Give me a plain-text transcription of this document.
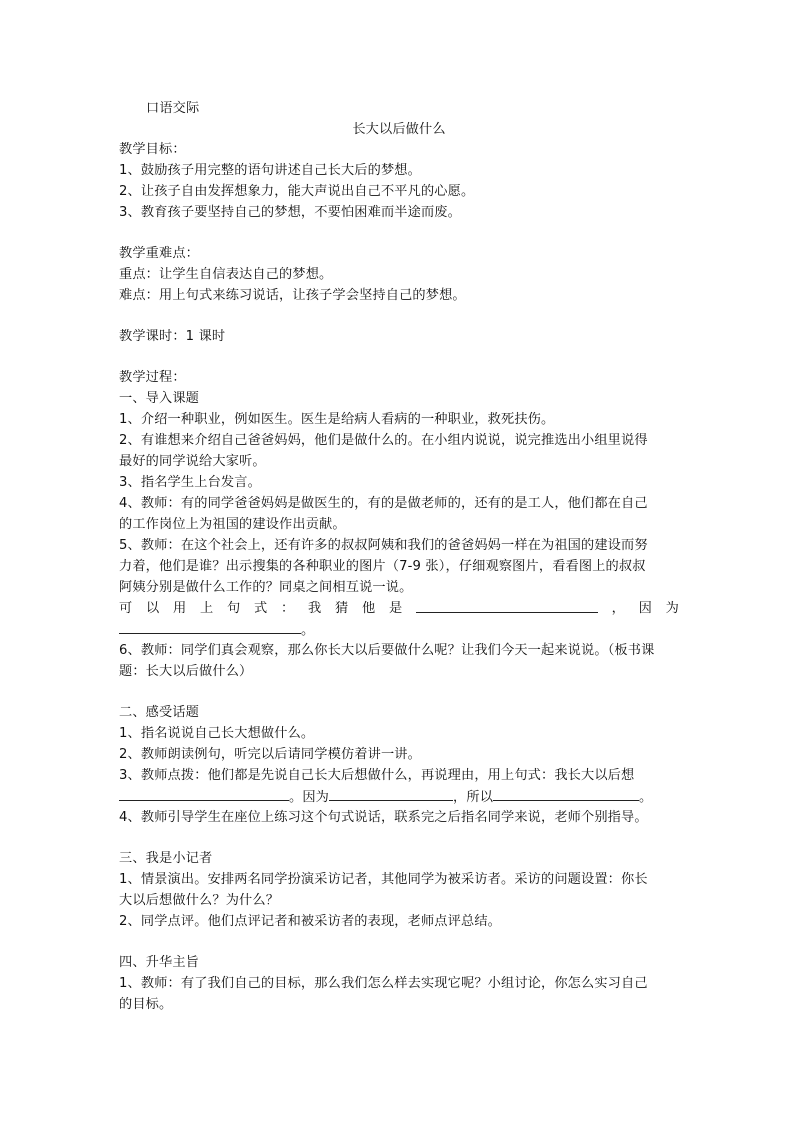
口语交际
长大以后做什么
教学目标：
1、鼓励孩子用完整的语句讲述自己长大后的梦想。
2、让孩子自由发挥想象力，能大声说出自己不平凡的心愿。
3、教育孩子要坚持自己的梦想，不要怕困难而半途而废。
教学重难点：
重点：让学生自信表达自己的梦想。
难点：用上句式来练习说话，让孩子学会坚持自己的梦想。
教学课时：1 课时
教学过程：
一、导入课题
1、介绍一种职业，例如医生。医生是给病人看病的一种职业，救死扶伤。
2、有谁想来介绍自己爸爸妈妈，他们是做什么的。在小组内说说，说完推选出小组里说得
最好的同学说给大家听。
3、指名学生上台发言。
4、教师：有的同学爸爸妈妈是做医生的，有的是做老师的，还有的是工人，他们都在自己
的工作岗位上为祖国的建设作出贡献。
5、教师：在这个社会上，还有许多的叔叔阿姨和我们的爸爸妈妈一样在为祖国的建设而努
力着，他们是谁？出示搜集的各种职业的图片（7-9 张），仔细观察图片，看看图上的叔叔
阿姨分别是做什么工作的？同桌之间相互说一说。
可 以 用 上 句 式 ： 我 猜 他 是	， 因 为
。
6、教师：同学们真会观察，那么你长大以后要做什么呢？让我们今天一起来说说。（板书课
题：长大以后做什么）
二、感受话题
1、指名说说自己长大想做什么。
2、教师朗读例句，听完以后请同学模仿着讲一讲。
3、教师点拨：他们都是先说自己长大后想做什么，再说理由，用上句式：我长大以后想
。因为	，所以	。
4、教师引导学生在座位上练习这个句式说话，联系完之后指名同学来说，老师个别指导。
三、我是小记者
1、情景演出。安排两名同学扮演采访记者，其他同学为被采访者。采访的问题设置：你长
大以后想做什么？为什么？
2、同学点评。他们点评记者和被采访者的表现，老师点评总结。
四、升华主旨
1、教师：有了我们自己的目标，那么我们怎么样去实现它呢？小组讨论，你怎么实习自己
的目标。
